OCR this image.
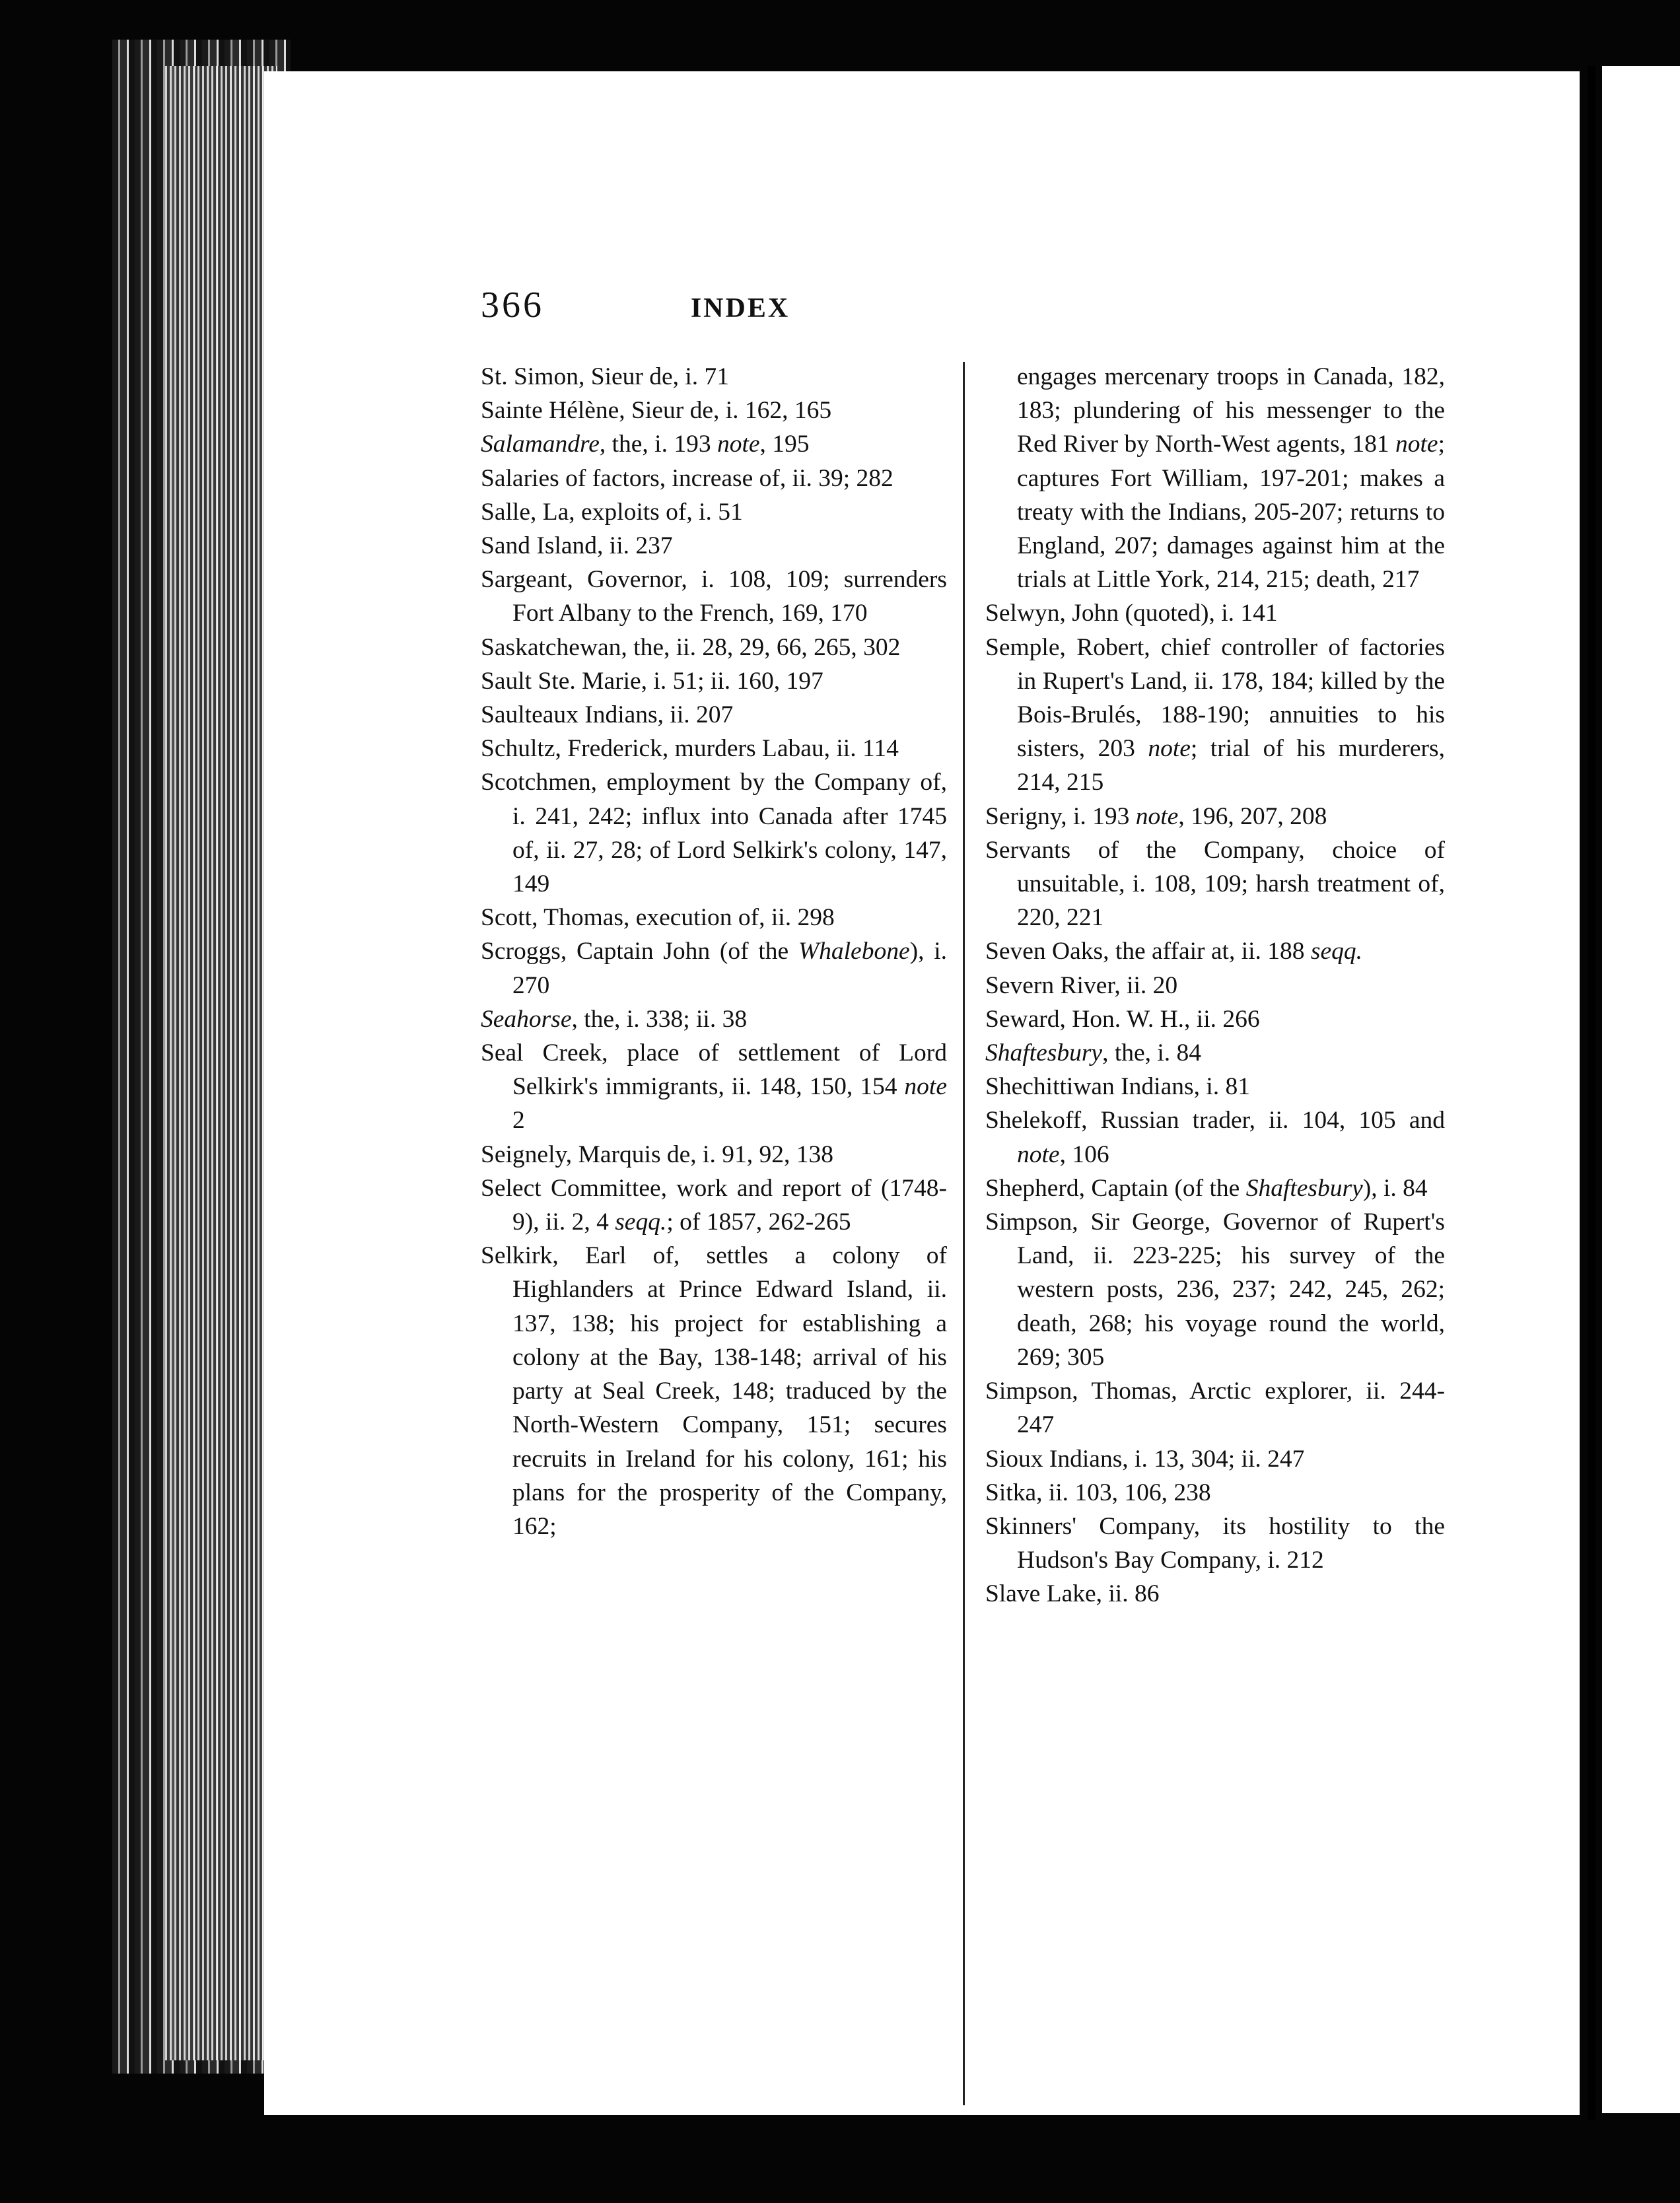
366	INDEX
St. Simon, Sieur de, i. 71
Sainte Hélène, Sieur de, i. 162, 165
Salamandre, the, i. 193 note, 195
Salaries of factors, increase of, ii. 39; 282
Salle, La, exploits of, i. 51
Sand Island, ii. 237
Sargeant, Governor, i. 108, 109; surrenders Fort Albany to the French, 169, 170
Saskatchewan, the, ii. 28, 29, 66, 265, 302
Sault Ste. Marie, i. 51; ii. 160, 197
Saulteaux Indians, ii. 207
Schultz, Frederick, murders Labau, ii. 114
Scotchmen, employment by the Company of, i. 241, 242; influx into Canada after 1745 of, ii. 27, 28; of Lord Selkirk's colony, 147, 149
Scott, Thomas, execution of, ii. 298
Scroggs, Captain John (of the Whalebone), i. 270
Seahorse, the, i. 338; ii. 38
Seal Creek, place of settlement of Lord Selkirk's immigrants, ii. 148, 150, 154 note 2
Seignely, Marquis de, i. 91, 92, 138
Select Committee, work and report of (1748-9), ii. 2, 4 seqq.; of 1857, 262-265
Selkirk, Earl of, settles a colony of Highlanders at Prince Edward Island, ii. 137, 138; his project for establishing a colony at the Bay, 138-148; arrival of his party at Seal Creek, 148; traduced by the North-Western Company, 151; secures recruits in Ireland for his colony, 161; his plans for the prosperity of the Company, 162;
engages mercenary troops in Canada, 182, 183; plundering of his messenger to the Red River by North-West agents, 181 note; captures Fort William, 197-201; makes a treaty with the Indians, 205-207; returns to England, 207; damages against him at the trials at Little York, 214, 215; death, 217
Selwyn, John (quoted), i. 141
Semple, Robert, chief controller of factories in Rupert's Land, ii. 178, 184; killed by the Bois-Brulés, 188-190; annuities to his sisters, 203 note; trial of his murderers, 214, 215
Serigny, i. 193 note, 196, 207, 208
Servants of the Company, choice of unsuitable, i. 108, 109; harsh treatment of, 220, 221
Seven Oaks, the affair at, ii. 188 seqq.
Severn River, ii. 20
Seward, Hon. W. H., ii. 266
Shaftesbury, the, i. 84
Shechittiwan Indians, i. 81
Shelekoff, Russian trader, ii. 104, 105 and note, 106
Shepherd, Captain (of the Shaftesbury), i. 84
Simpson, Sir George, Governor of Rupert's Land, ii. 223-225; his survey of the western posts, 236, 237; 242, 245, 262; death, 268; his voyage round the world, 269; 305
Simpson, Thomas, Arctic explorer, ii. 244-247
Sioux Indians, i. 13, 304; ii. 247
Sitka, ii. 103, 106, 238
Skinners' Company, its hostility to the Hudson's Bay Company, i. 212
Slave Lake, ii. 86
